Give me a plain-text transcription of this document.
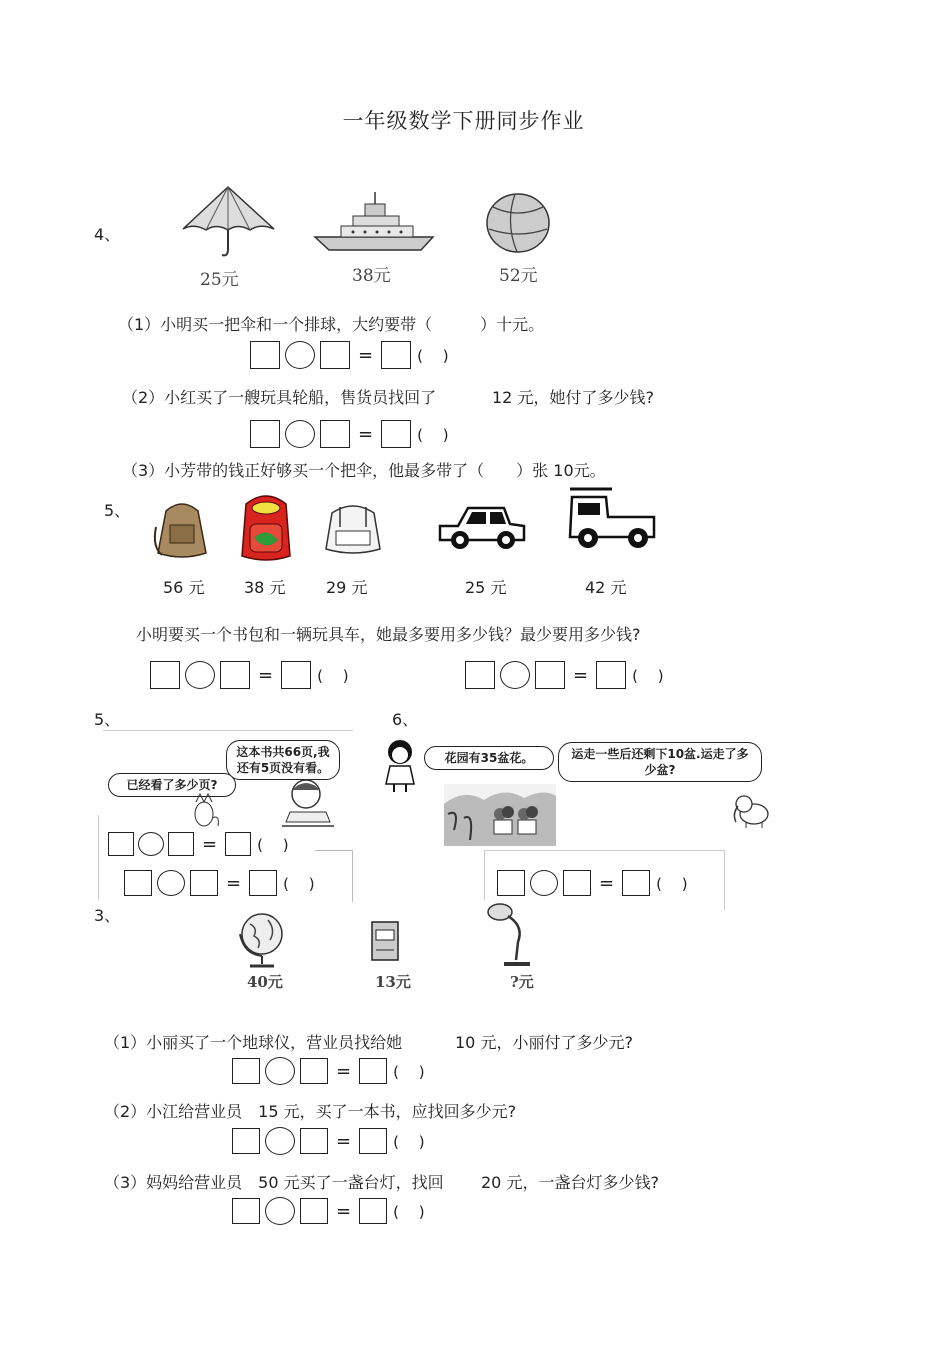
一年级数学下册同步作业
4、
25元	38元	52元
（1）小明买一把伞和一个排球，大约要带（　　　）十元。
=	(　 )
（2）小红买了一艘玩具轮船，售货员找回了	12 元，她付了多少钱?
=	(　 )
（3）小芳带的钱正好够买一个把伞，他最多带了（　　）张 10元。
5、
56 元 38 元	29 元	25 元	42 元
小明要买一个书包和一辆玩具车，她最多要用多少钱？最少要用多少钱?
=	(　 )	=	(　 )
5、
这本书共66页,我还有5页没有看。
已经看了多少页?
=	(　 )
=	(　 )
6、
花园有35盆花。	运走一些后还剩下10盆.运走了多少盆?
=	(　 )
3、
40元	13元	?元
（1）小丽买了一个地球仪，营业员找给她	10 元，小丽付了多少元?
=	(　 )
（2）小江给营业员　15 元，买了一本书，应找回多少元?
=	(　 )
（3）妈妈给营业员　50 元买了一盏台灯，找回 20 元，一盏台灯多少钱?
=	(　 )
